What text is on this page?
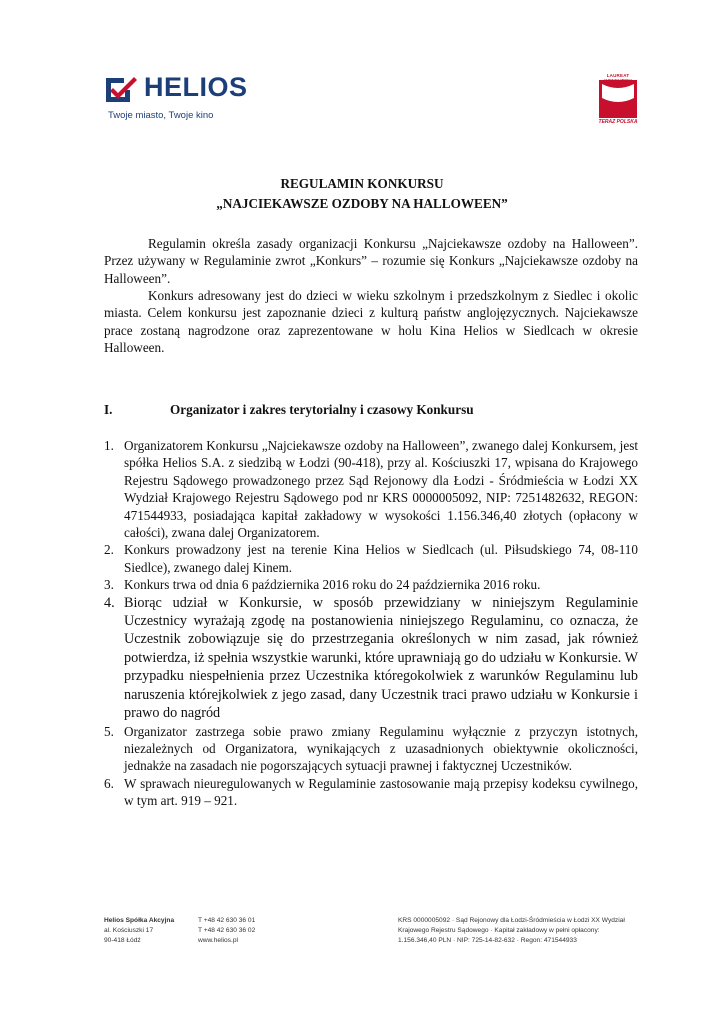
HELIOS
Twoje miasto, Twoje kino
LAUREAT
TERAZ POLSKA
REGULAMIN KONKURSU
„NAJCIEKAWSZE OZDOBY NA HALLOWEEN”

Regulamin określa zasady organizacji Konkursu „Najciekawsze ozdoby na Halloween”. Przez używany w Regulaminie zwrot „Konkurs” – rozumie się Konkurs „Najciekawsze ozdoby na Halloween”.

Konkurs adresowany jest do dzieci w wieku szkolnym i przedszkolnym z Siedlec i okolic miasta. Celem konkursu jest zapoznanie dzieci z kulturą państw anglojęzycznych. Najciekawsze prace zostaną nagrodzone oraz zaprezentowane w holu Kina Helios w Siedlcach w okresie Halloween.

I.	Organizator i zakres terytorialny i czasowy Konkursu
1. Organizatorem Konkursu „Najciekawsze ozdoby na Halloween”, zwanego dalej Konkursem, jest spółka Helios S.A. z siedzibą w Łodzi (90-418), przy al. Kościuszki 17, wpisana do Krajowego Rejestru Sądowego prowadzonego przez Sąd Rejonowy dla Łodzi - Śródmieścia w Łodzi XX Wydział Krajowego Rejestru Sądowego pod nr KRS 0000005092, NIP: 7251482632, REGON: 471544933, posiadająca kapitał zakładowy w wysokości 1.156.346,40 złotych (opłacony w całości), zwana dalej Organizatorem.
2. Konkurs prowadzony jest na terenie Kina Helios w Siedlcach (ul. Piłsudskiego 74, 08-110 Siedlce), zwanego dalej Kinem.
3. Konkurs trwa od dnia 6 października 2016 roku do 24 października 2016 roku.
4. Biorąc udział w Konkursie, w sposób przewidziany w niniejszym Regulaminie Uczestnicy wyrażają zgodę na postanowienia niniejszego Regulaminu, co oznacza, że Uczestnik zobowiązuje się do przestrzegania określonych w nim zasad, jak również potwierdza, iż spełnia wszystkie warunki, które uprawniają go do udziału w Konkursie. W przypadku niespełnienia przez Uczestnika któregokolwiek z warunków Regulaminu lub naruszenia którejkolwiek z jego zasad, dany Uczestnik traci prawo udziału w Konkursie i prawo do nagród
5. Organizator zastrzega sobie prawo zmiany Regulaminu wyłącznie z przyczyn istotnych, niezależnych od Organizatora, wynikających z uzasadnionych obiektywnie okoliczności, jednakże na zasadach nie pogorszających sytuacji prawnej i faktycznej Uczestników.
6. W sprawach nieuregulowanych w Regulaminie zastosowanie mają przepisy kodeksu cywilnego, w tym art. 919 – 921.
Helios Spółka Akcyjna
al. Kościuszki 17
90-418 Łódź
T +48 42 630 36 01
T +48 42 630 36 02
www.helios.pl
KRS 0000005092 · Sąd Rejonowy dla Łodzi-Śródmieścia w Łodzi XX Wydział
Krajowego Rejestru Sądowego · Kapitał zakładowy w pełni opłacony:
1.156.346,40 PLN · NIP: 725-14-82-632 · Regon: 471544933
